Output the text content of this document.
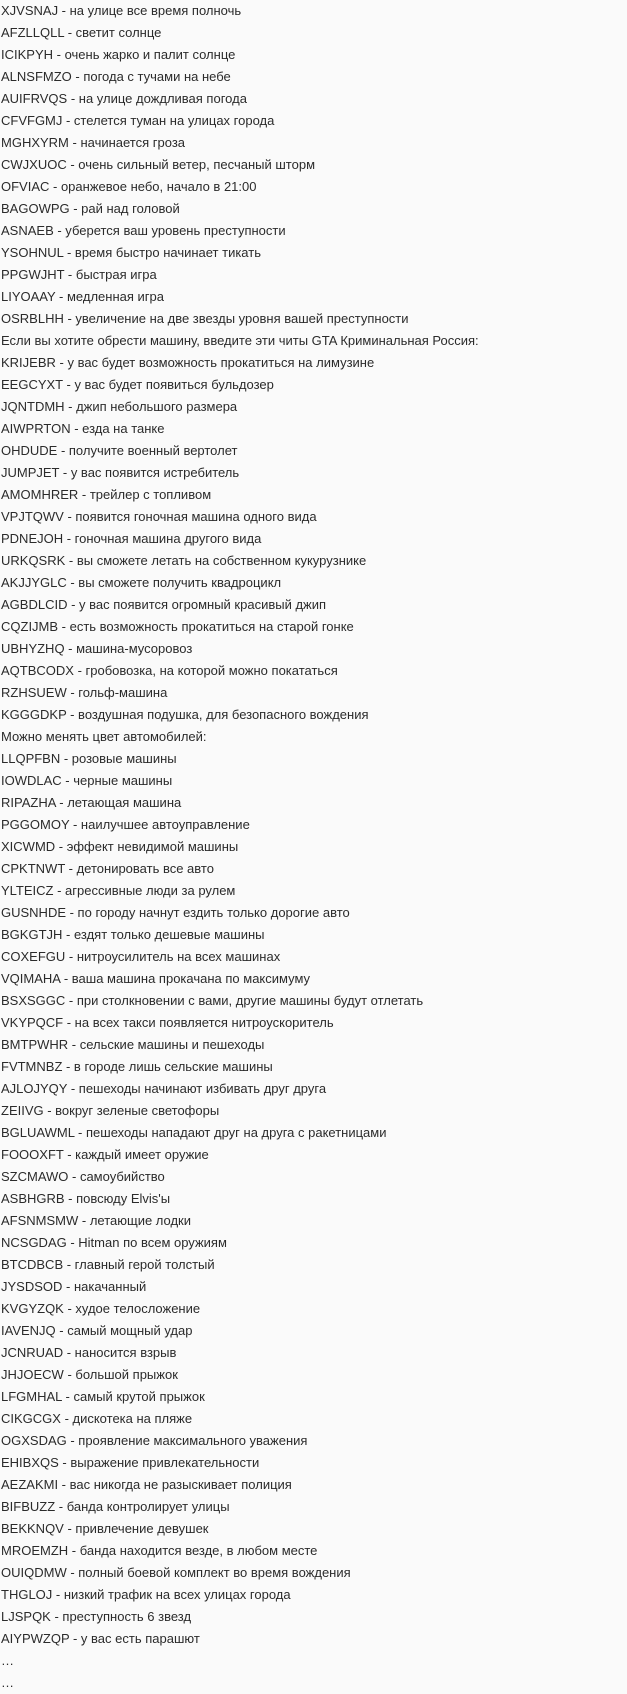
XJVSNAJ - на улице все время полночь
AFZLLQLL - светит солнце
ICIKPYH - очень жарко и палит солнце
ALNSFMZO - погода с тучами на небе
AUIFRVQS - на улице дождливая погода
CFVFGMJ - стелется туман на улицах города
MGHXYRM - начинается гроза
CWJXUOC - очень сильный ветер, песчаный шторм
OFVIAC - оранжевое небо, начало в 21:00
BAGOWPG - рай над головой
ASNAEB - уберется ваш уровень преступности
YSOHNUL - время быстро начинает тикать
PPGWJHT - быстрая игра
LIYOAAY - медленная игра
OSRBLHH - увеличение на две звезды уровня вашей преступности
Если вы хотите обрести машину, введите эти читы GTA Криминальная Россия:
KRIJEBR - у вас будет возможность прокатиться на лимузине
EEGCYXT - у вас будет появиться бульдозер
JQNTDMH - джип небольшого размера
AIWPRTON - езда на танке
OHDUDE - получите военный вертолет
JUMPJET - у вас появится истребитель
AMOMHRER - трейлер с топливом
VPJTQWV - появится гоночная машина одного вида
PDNEJOH - гоночная машина другого вида
URKQSRK - вы сможете летать на собственном кукурузнике
AKJJYGLC - вы сможете получить квадроцикл
AGBDLCID - у вас появится огромный красивый джип
CQZIJMB - есть возможность прокатиться на старой гонке
UBHYZHQ - машина-мусоровоз
AQTBCODX - гробовозка, на которой можно покататься
RZHSUEW - гольф-машина
KGGGDKP - воздушная подушка, для безопасного вождения
Можно менять цвет автомобилей:
LLQPFBN - розовые машины
IOWDLAC - черные машины
RIPAZHA - летающая машина
PGGOMOY - наилучшее автоуправление
XICWMD - эффект невидимой машины
CPKTNWT - детонировать все авто
YLTEICZ - агрессивные люди за рулем
GUSNHDE - по городу начнут ездить только дорогие авто
BGKGTJH - ездят только дешевые машины
COXEFGU - нитроусилитель на всех машинах
VQIMAHA - ваша машина прокачана по максимуму
BSXSGGC - при столкновении с вами, другие машины будут отлетать
VKYPQCF - на всех такси появляется нитроускоритель
BMTPWHR - сельские машины и пешеходы
FVTMNBZ - в городе лишь сельские машины
AJLOJYQY - пешеходы начинают избивать друг друга
ZEIIVG - вокруг зеленые светофоры
BGLUAWML - пешеходы нападают друг на друга с ракетницами
FOOOXFT - каждый имеет оружие
SZCMAWO - самоубийство
ASBHGRB - повсюду Elvis'ы
AFSNMSMW - летающие лодки
NCSGDAG - Hitman по всем оружиям
BTCDBCB - главный герой толстый
JYSDSOD - накачанный
KVGYZQK - худое телосложение
IAVENJQ - самый мощный удар
JCNRUAD - наносится взрыв
JHJOECW - большой прыжок
LFGMHAL - самый крутой прыжок
CIKGCGX - дискотека на пляже
OGXSDAG - проявление максимального уважения
EHIBXQS - выражение привлекательности
AEZAKMI - вас никогда не разыскивает полиция
BIFBUZZ - банда контролирует улицы
BEKKNQV - привлечение девушек
MROEMZH - банда находится везде, в любом месте
OUIQDMW - полный боевой комплект во время вождения
THGLOJ - низкий трафик на всех улицах города
LJSPQK - преступность 6 звезд
AIYPWZQP - у вас есть парашют
…
…
